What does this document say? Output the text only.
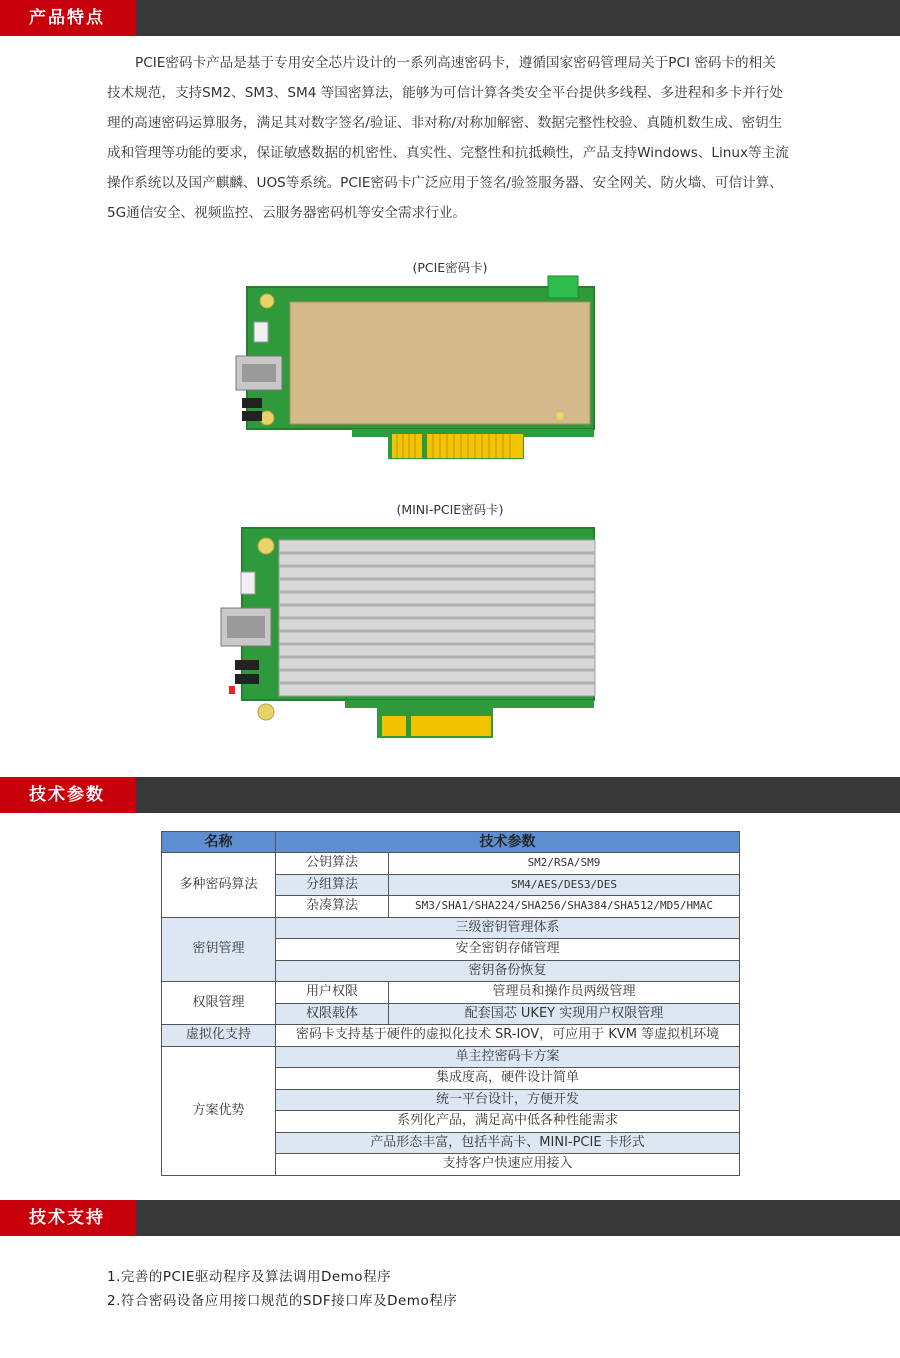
产品特点

PCIE密码卡产品是基于专用安全芯片设计的一系列高速密码卡，遵循国家密码管理局关于PCI 密码卡的相关技术规范，支持SM2、SM3、SM4 等国密算法，能够为可信计算各类安全平台提供多线程、多进程和多卡并行处理的高速密码运算服务，满足其对数字签名/验证、非对称/对称加解密、数据完整性校验、真随机数生成、密钥生成和管理等功能的要求，保证敏感数据的机密性、真实性、完整性和抗抵赖性，产品支持Windows、Linux等主流操作系统以及国产麒麟、UOS等系统。PCIE密码卡广泛应用于签名/验签服务器、安全网关、防火墙、可信计算、5G通信安全、视频监控、云服务器密码机等安全需求行业。

(PCIE密码卡)
(MINI-PCIE密码卡)
技术参数
名称	技术参数	
多种密码算法	公钥算法	SM2/RSA/SM9
	分组算法	SM4/AES/DES3/DES
	杂凑算法	SM3/SHA1/SHA224/SHA256/SHA384/SHA512/MD5/HMAC
密钥管理	三级密钥管理体系	
	安全密钥存储管理	
	密钥备份恢复	
权限管理	用户权限	管理员和操作员两级管理
	权限载体	配套国芯 UKEY 实现用户权限管理
虚拟化支持	密码卡支持基于硬件的虚拟化技术 SR-IOV，可应用于 KVM 等虚拟机环境	
方案优势	单主控密码卡方案	
	集成度高，硬件设计简单	
	统一平台设计，方便开发	
	系列化产品，满足高中低各种性能需求	
	产品形态丰富，包括半高卡、MINI-PCIE 卡形式	
	支持客户快速应用接入	
技术支持
1.完善的PCIE驱动程序及算法调用Demo程序
2.符合密码设备应用接口规范的SDF接口库及Demo程序
